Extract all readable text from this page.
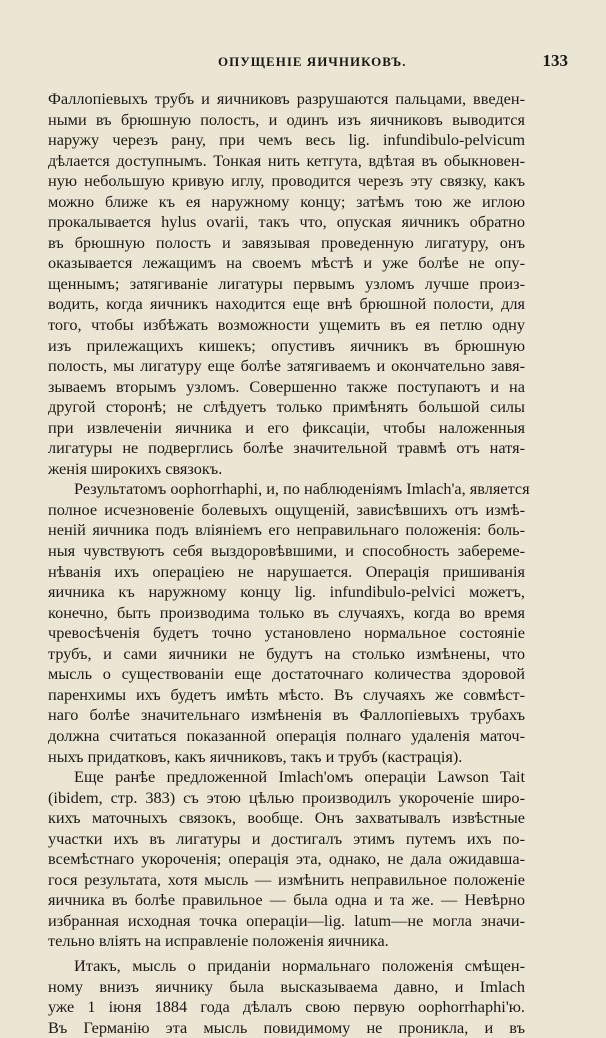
ОПУЩЕНІЕ ЯИЧНИКОВЪ.	133
Фаллопіевыхъ трубъ и яичниковъ разрушаются пальцами, введен-
ными въ брюшную полость, и одинъ изъ яичниковъ выводится
наружу черезъ рану, при чемъ весь lig. infundibulo-pelvicum
дѣлается доступнымъ. Тонкая нить кетгута, вдѣтая въ обыкновен-
ную небольшую кривую иглу, проводится черезъ эту связку, какъ
можно ближе къ ея наружному концу; затѣмъ тою же иглою
прокалывается hylus ovarii, такъ что, опуская яичникъ обратно
въ брюшную полость и завязывая проведенную лигатуру, онъ
оказывается лежащимъ на своемъ мѣстѣ и уже болѣе не опу-
щеннымъ; затягиваніе лигатуры первымъ узломъ лучше произ-
водить, когда яичникъ находится еще внѣ брюшной полости, для
того, чтобы избѣжать возможности ущемить въ ея петлю одну
изъ прилежащихъ кишекъ; опустивъ яичникъ въ брюшную
полость, мы лигатуру еще болѣе затягиваемъ и окончательно завя-
зываемъ вторымъ узломъ. Совершенно также поступаютъ и на
другой сторонѣ; не слѣдуетъ только примѣнять большой силы
при извлеченіи яичника и его фиксаціи, чтобы наложенныя
лигатуры не подверглись болѣе значительной травмѣ отъ натя-
женія широкихъ связокъ.
Результатомъ oophorrhaphi, и, по наблюденіямъ Imlach'а, является
полное исчезновеніе болевыхъ ощущеній, зависѣвшихъ отъ измѣ-
неній яичника подъ вліяніемъ его неправильнаго положенія: боль-
ныя чувствуютъ себя выздоровѣвшими, и способность забереме-
нѣванія ихъ операціею не нарушается. Операція пришиванія
яичника къ наружному концу lig. infundibulo-pelvici можетъ,
конечно, быть производима только въ случаяхъ, когда во время
чревосѣченія будетъ точно установлено нормальное состояніе
трубъ, и сами яичники не будутъ на столько измѣнены, что
мысль о существованіи еще достаточнаго количества здоровой
паренхимы ихъ будетъ имѣть мѣсто. Въ случаяхъ же совмѣст-
наго болѣе значительнаго измѣненія въ Фаллопіевыхъ трубахъ
должна считаться показанной операція полнаго удаленія маточ-
ныхъ придатковъ, какъ яичниковъ, такъ и трубъ (кастрація).
Еще ранѣе предложенной Imlach'омъ операціи Lawson Tait
(ibidem, стр. 383) съ этою цѣлью производилъ укороченіе широ-
кихъ маточныхъ связокъ, вообще. Онъ захватывалъ извѣстные
участки ихъ въ лигатуры и достигалъ этимъ путемъ ихъ по-
всемѣстнаго укороченія; операція эта, однако, не дала ожидавша-
гося результата, хотя мысль — измѣнить неправильное положеніе
яичника въ болѣе правильное — была одна и та же. — Невѣрно
избранная исходная точка операціи—lig. latum—не могла значи-
тельно вліять на исправленіе положенія яичника.
Итакъ, мысль о приданіи нормальнаго положенія смѣщен-
ному внизъ яичнику была высказываема давно, и Imlach
уже 1 іюня 1884 года дѣлалъ свою первую oophorrhaphi'ю.
Въ Германію эта мысль повидимому не проникла, и въ
